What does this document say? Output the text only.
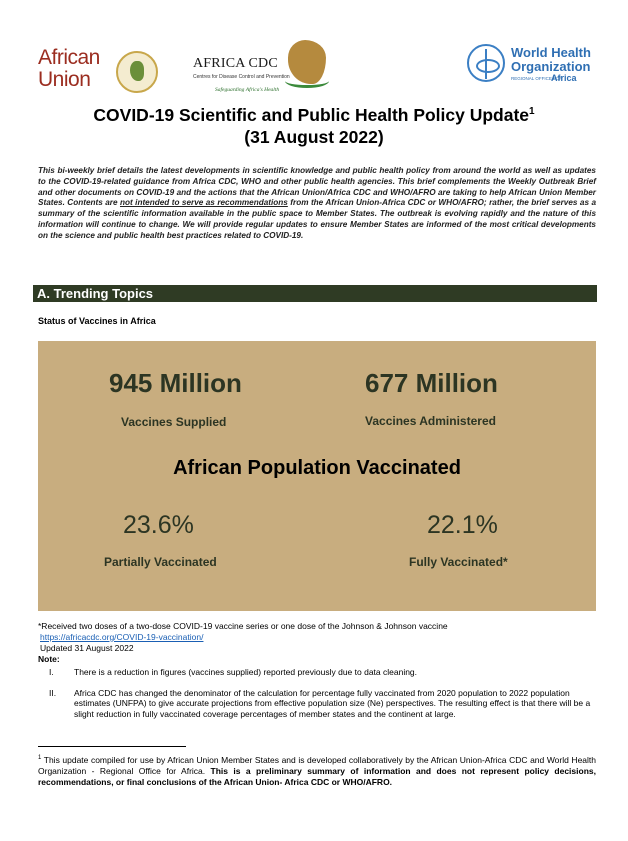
African
Union
AFRICA CDC
Centres for Disease Control and Prevention
Safeguarding Africa's Health
World Health
Organization
REGIONAL OFFICE FOR
Africa
COVID-19 Scientific and Public Health Policy Update$^1$
(31 August 2022)
This bi-weekly brief details the latest developments in scientific knowledge and public health policy from around the world as well as updates to the COVID-19-related guidance from Africa CDC, WHO and other public health agencies. This brief complements the Weekly Outbreak Brief and other documents on COVID-19 and the actions that the African Union/Africa CDC and WHO/AFRO are taking to help African Union Member States. Contents are not intended to serve as recommendations from the African Union-Africa CDC or WHO/AFRO; rather, the brief serves as a summary of the scientific information available in the public space to Member States. The outbreak is evolving rapidly and the nature of this information will continue to change. We will provide regular updates to ensure Member States are informed of the most critical developments on the science and public health best practices related to COVID-19.
A. Trending Topics
Status of Vaccines in Africa
945 Million
Vaccines Supplied
677 Million
Vaccines Administered
African Population Vaccinated
23.6%
Partially Vaccinated
22.1%
Fully Vaccinated*
*Received two doses of a two-dose COVID-19 vaccine series or one dose of the Johnson & Johnson vaccine
https://africacdc.org/COVID-19-vaccination/
Updated 31 August 2022
Note:
I. There is a reduction in figures (vaccines supplied) reported previously due to data cleaning.
II. Africa CDC has changed the denominator of the calculation for percentage fully vaccinated from 2020 population to 2022 population estimates (UNFPA) to give accurate projections from effective population size (Ne) perspectives. The resulting effect is that there will be a slight reduction in fully vaccinated coverage percentages of member states and the continent at large.
$^1$ This update compiled for use by African Union Member States and is developed collaboratively by the African Union-Africa CDC and World Health Organization - Regional Office for Africa. This is a preliminary summary of information and does not represent policy decisions, recommendations, or final conclusions of the African Union- Africa CDC or WHO/AFRO.
